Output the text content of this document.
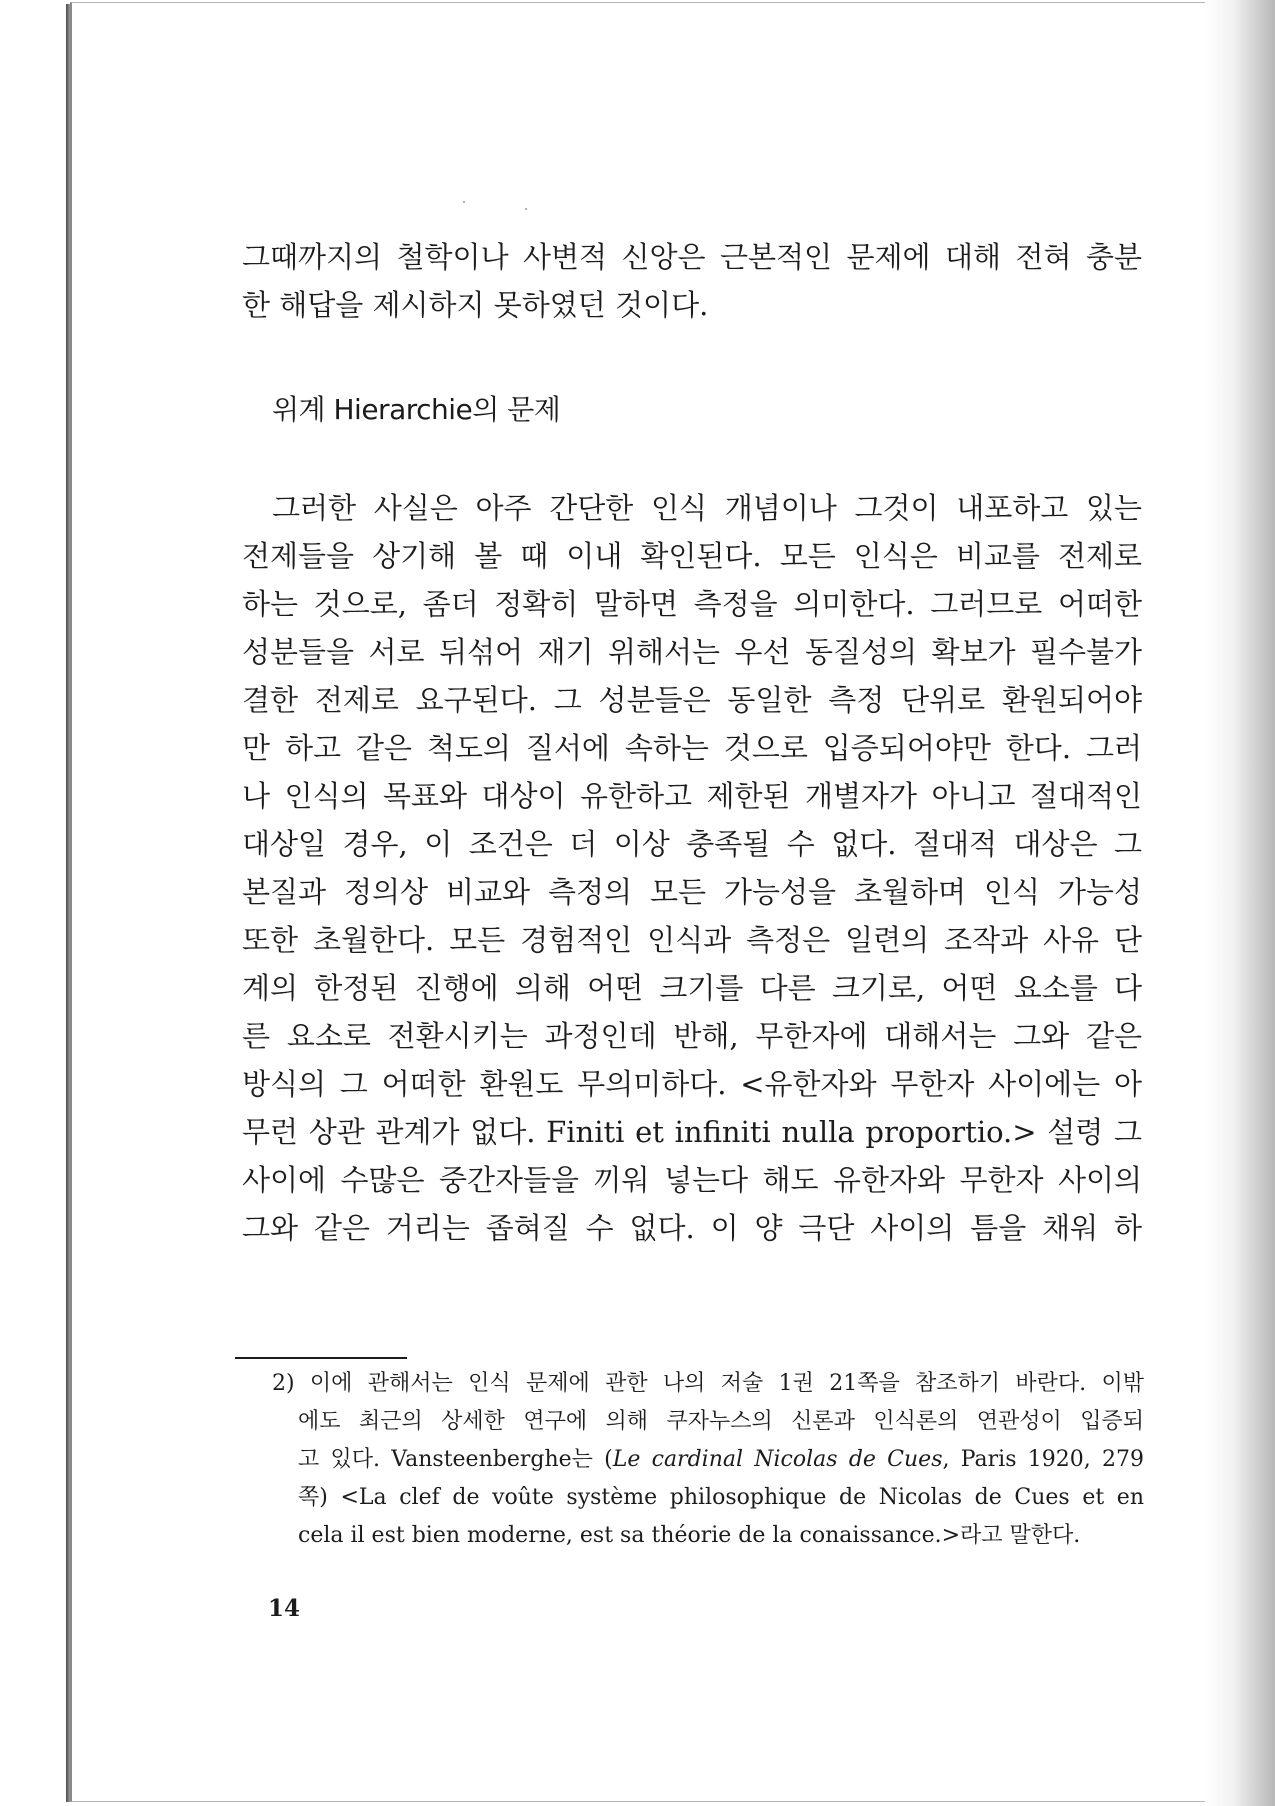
그때까지의 철학이나 사변적 신앙은 근본적인 문제에 대해 전혀 충분
한 해답을 제시하지 못하였던 것이다.
위계 Hierarchie의 문제
그러한 사실은 아주 간단한 인식 개념이나 그것이 내포하고 있는
전제들을 상기해 볼 때 이내 확인된다. 모든 인식은 비교를 전제로
하는 것으로, 좀더 정확히 말하면 측정을 의미한다. 그러므로 어떠한
성분들을 서로 뒤섞어 재기 위해서는 우선 동질성의 확보가 필수불가
결한 전제로 요구된다. 그 성분들은 동일한 측정 단위로 환원되어야
만 하고 같은 척도의 질서에 속하는 것으로 입증되어야만 한다. 그러
나 인식의 목표와 대상이 유한하고 제한된 개별자가 아니고 절대적인
대상일 경우, 이 조건은 더 이상 충족될 수 없다. 절대적 대상은 그
본질과 정의상 비교와 측정의 모든 가능성을 초월하며 인식 가능성
또한 초월한다. 모든 경험적인 인식과 측정은 일련의 조작과 사유 단
계의 한정된 진행에 의해 어떤 크기를 다른 크기로, 어떤 요소를 다
른 요소로 전환시키는 과정인데 반해, 무한자에 대해서는 그와 같은
방식의 그 어떠한 환원도 무의미하다. <유한자와 무한자 사이에는 아
무런 상관 관계가 없다. Finiti et infiniti nulla proportio.> 설령 그
사이에 수많은 중간자들을 끼워 넣는다 해도 유한자와 무한자 사이의
그와 같은 거리는 좁혀질 수 없다. 이 양 극단 사이의 틈을 채워 하
2) 이에 관해서는 인식 문제에 관한 나의 저술 1권 21쪽을 참조하기 바란다. 이밖
에도 최근의 상세한 연구에 의해 쿠자누스의 신론과 인식론의 연관성이 입증되
고 있다. Vansteenberghe는 (Le cardinal Nicolas de Cues, Paris 1920, 279
쪽) <La clef de voûte système philosophique de Nicolas de Cues et en
cela il est bien moderne, est sa théorie de la conaissance.>라고 말한다.
14
